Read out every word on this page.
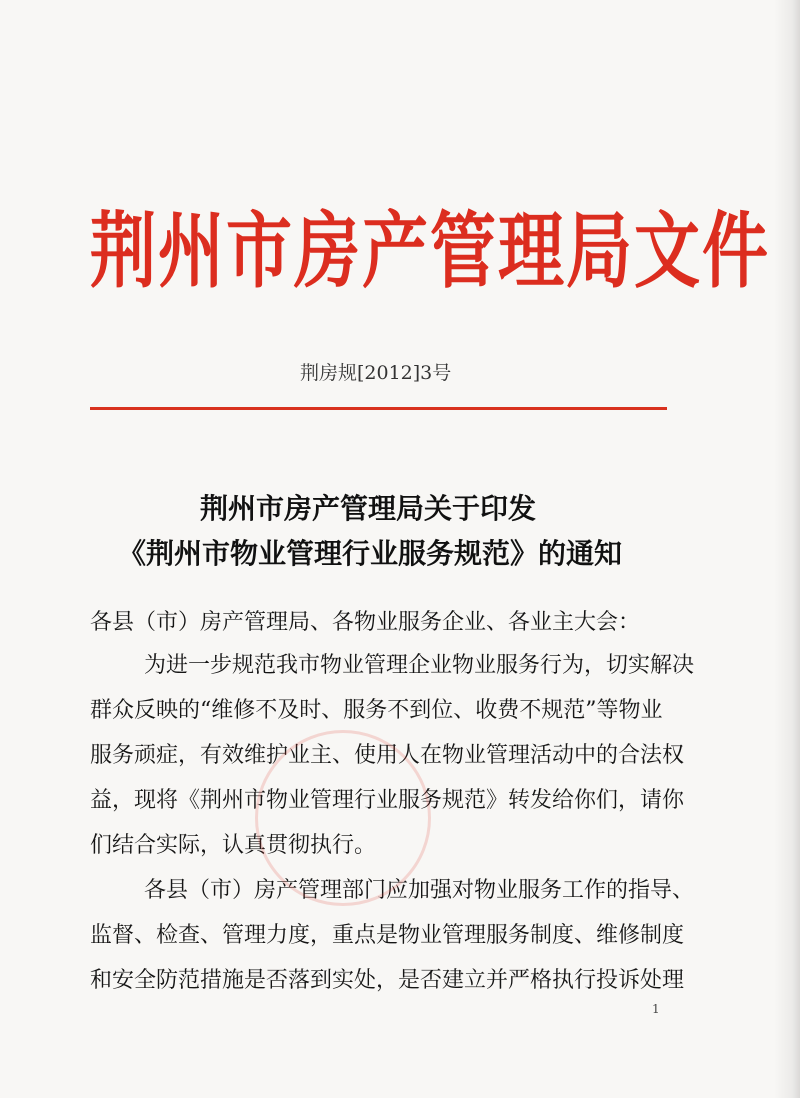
荆州市房产管理局文件
荆房规[2012]3号
荆州市房产管理局关于印发
《荆州市物业管理行业服务规范》的通知
各县（市）房产管理局、各物业服务企业、各业主大会：
为进一步规范我市物业管理企业物业服务行为，切实解决
群众反映的“维修不及时、服务不到位、收费不规范”等物业
服务顽症，有效维护业主、使用人在物业管理活动中的合法权
益，现将《荆州市物业管理行业服务规范》转发给你们，请你
们结合实际，认真贯彻执行。
各县（市）房产管理部门应加强对物业服务工作的指导、
监督、检查、管理力度，重点是物业管理服务制度、维修制度
和安全防范措施是否落到实处，是否建立并严格执行投诉处理
1
